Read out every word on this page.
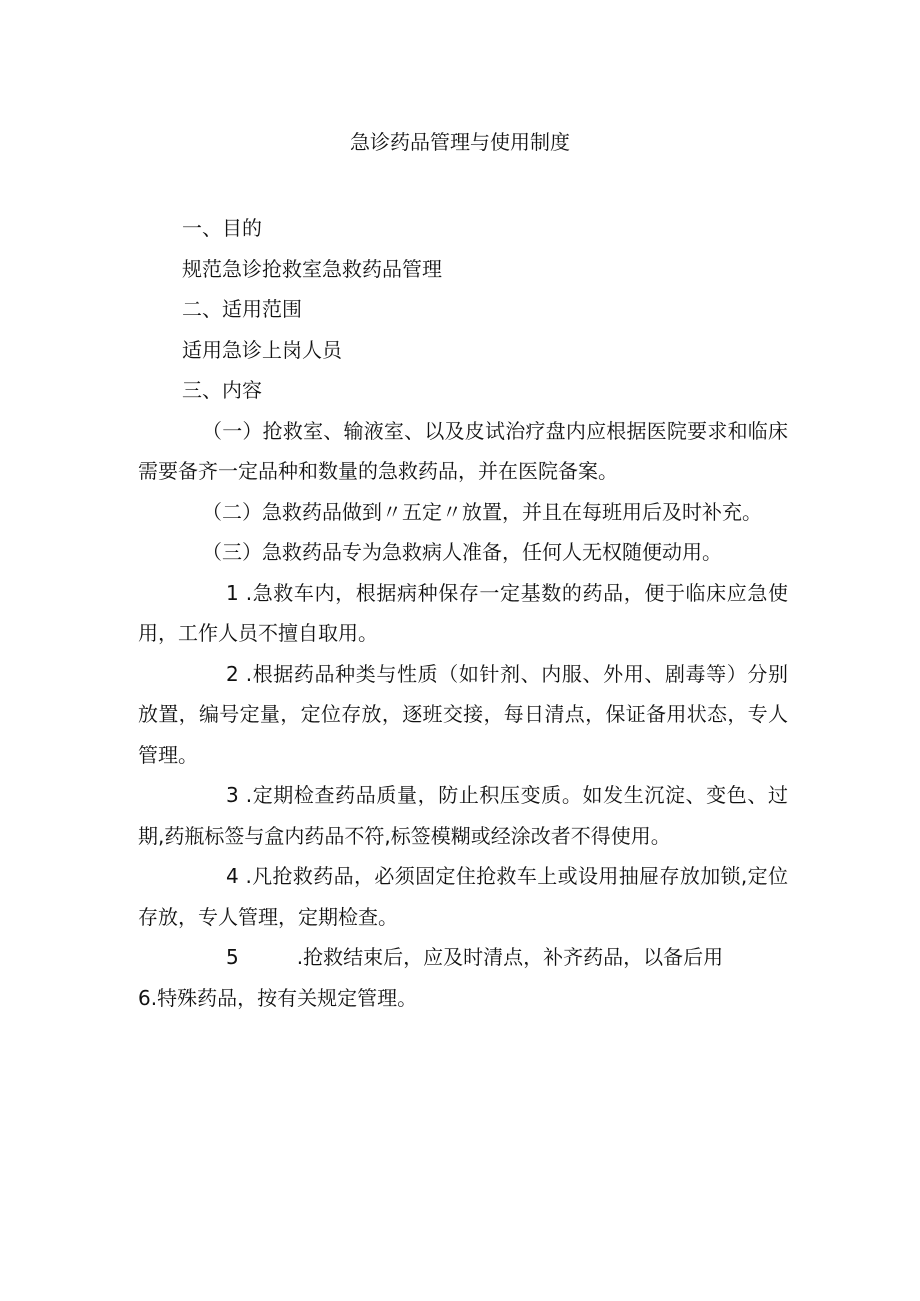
急诊药品管理与使用制度

一、目的

规范急诊抢救室急救药品管理

二、适用范围

适用急诊上岗人员

三、内容

（一）抢救室、输液室、以及皮试治疗盘内应根据医院要求和临床需要备齐一定品种和数量的急救药品，并在医院备案。

（二）急救药品做到〃五定〃放置，并且在每班用后及时补充。

（三）急救药品专为急救病人准备，任何人无权随便动用。

1 .急救车内，根据病种保存一定基数的药品，便于临床应急使用，工作人员不擅自取用。

2 .根据药品种类与性质（如针剂、内服、外用、剧毒等）分别放置，编号定量，定位存放，逐班交接，每日清点，保证备用状态，专人管理。

3 .定期检查药品质量，防止积压变质。如发生沉淀、变色、过期,药瓶标签与盒内药品不符,标签模糊或经涂改者不得使用。

4 .凡抢救药品，必须固定住抢救车上或设用抽屉存放加锁,定位存放，专人管理，定期检查。

5	.抢救结束后，应及时清点，补齐药品，以备后用

6.特殊药品，按有关规定管理。
